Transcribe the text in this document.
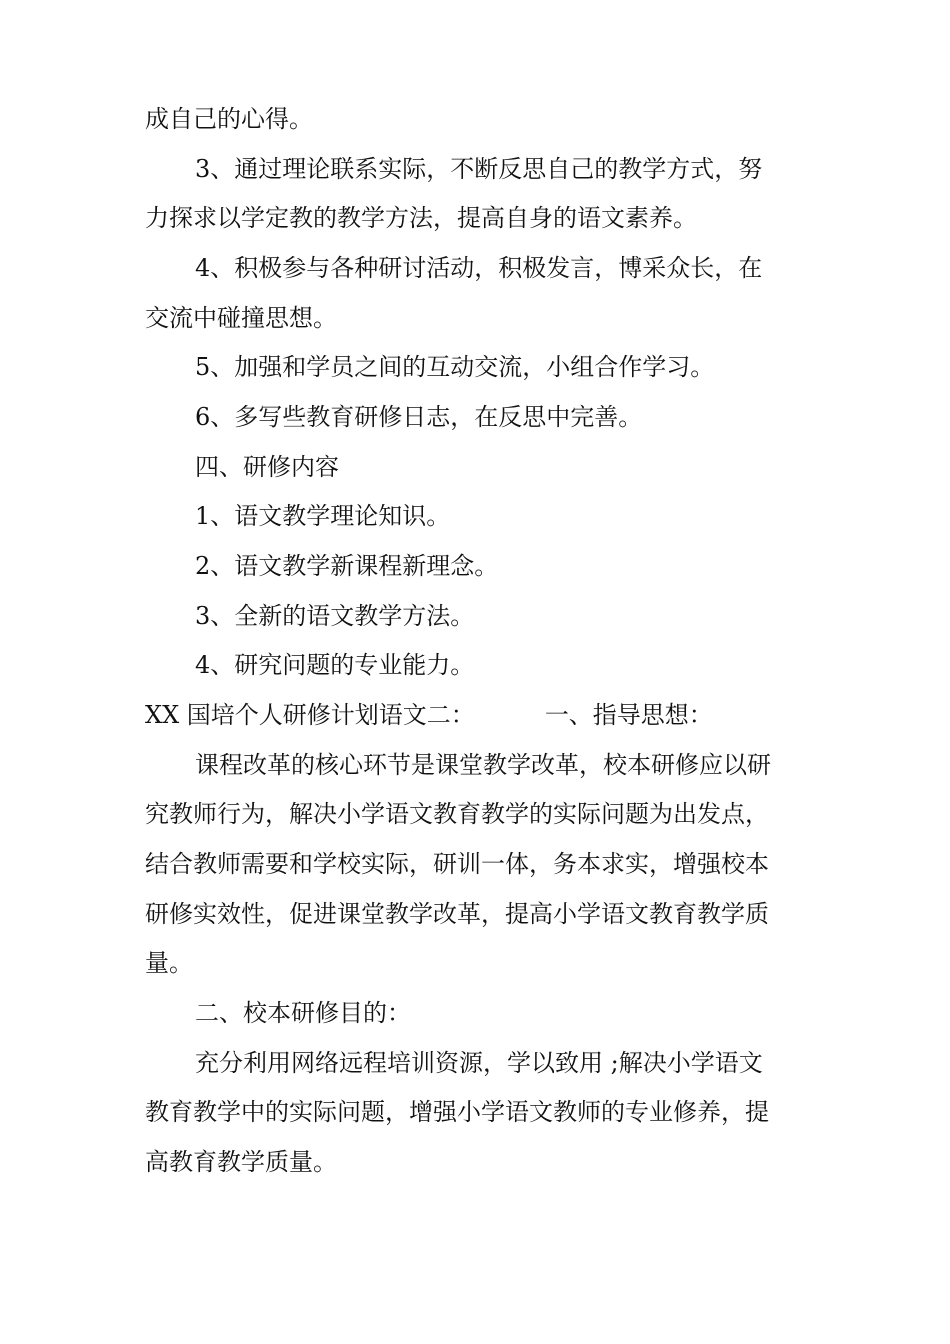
成自己的心得。
3、通过理论联系实际，不断反思自己的教学方式，努
力探求以学定教的教学方法，提高自身的语文素养。
4、积极参与各种研讨活动，积极发言，博采众长，在
交流中碰撞思想。
5、加强和学员之间的互动交流，小组合作学习。
6、多写些教育研修日志，在反思中完善。
四、研修内容
1、语文教学理论知识。
2、语文教学新课程新理念。
3、全新的语文教学方法。
4、研究问题的专业能力。
XX 国培个人研修计划语文二：	一、指导思想：
课程改革的核心环节是课堂教学改革，校本研修应以研
究教师行为，解决小学语文教育教学的实际问题为出发点，
结合教师需要和学校实际，研训一体，务本求实，增强校本
研修实效性，促进课堂教学改革，提高小学语文教育教学质
量。
二、校本研修目的：
充分利用网络远程培训资源，学以致用 ;解决小学语文
教育教学中的实际问题，增强小学语文教师的专业修养，提
高教育教学质量。
